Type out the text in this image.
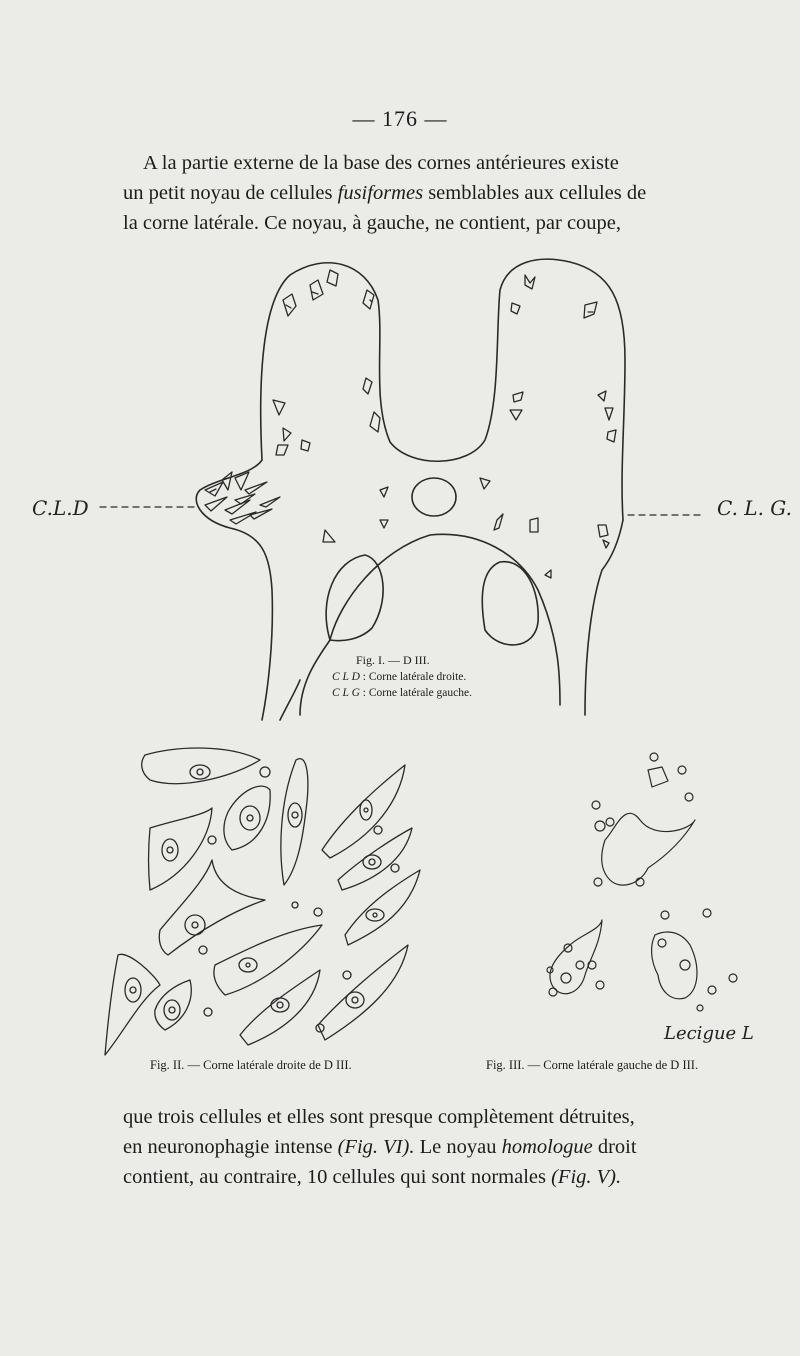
— 176 —

A la partie externe de la base des cornes antérieures existe

un petit noyau de cellules fusiformes semblables aux cellules de

la corne latérale. Ce noyau, à gauche, ne contient, par coupe,

C.L.D	C. L. G.
Fig. I. — D III.
C L D : Corne latérale droite.
C L G : Corne latérale gauche.
Fig. II. — Corne latérale droite de D III.	Fig. III. — Corne latérale gauche de D III.
Lecigue L

que trois cellules et elles sont presque complètement détruites,

en neuronophagie intense (Fig. VI). Le noyau homologue droit

contient, au contraire, 10 cellules qui sont normales (Fig. V).
